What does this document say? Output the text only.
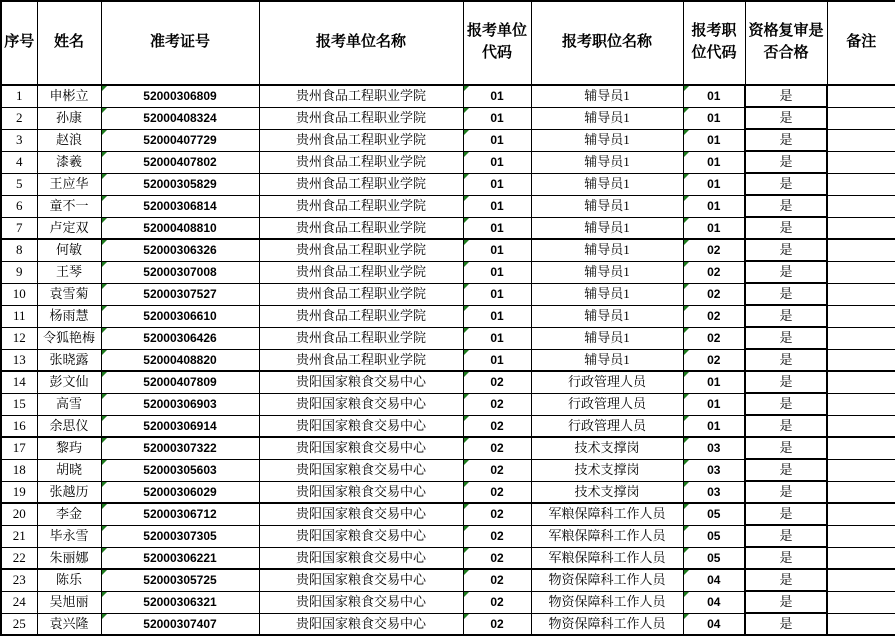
序号	姓名	准考证号	报考单位名称	报考单位代码	报考职位名称	报考职位代码	资格复审是否合格	备注
1	申彬立	52000306809	贵州食品工程职业学院	01	辅导员1	01	是	
2	孙康	52000408324	贵州食品工程职业学院	01	辅导员1	01	是	
3	赵浪	52000407729	贵州食品工程职业学院	01	辅导员1	01	是	
4	漆羲	52000407802	贵州食品工程职业学院	01	辅导员1	01	是	
5	王应华	52000305829	贵州食品工程职业学院	01	辅导员1	01	是	
6	童不一	52000306814	贵州食品工程职业学院	01	辅导员1	01	是	
7	卢定双	52000408810	贵州食品工程职业学院	01	辅导员1	01	是	
8	何敏	52000306326	贵州食品工程职业学院	01	辅导员1	02	是	
9	王琴	52000307008	贵州食品工程职业学院	01	辅导员1	02	是	
10	袁雪菊	52000307527	贵州食品工程职业学院	01	辅导员1	02	是	
11	杨雨慧	52000306610	贵州食品工程职业学院	01	辅导员1	02	是	
12	令狐艳梅	52000306426	贵州食品工程职业学院	01	辅导员1	02	是	
13	张晓露	52000408820	贵州食品工程职业学院	01	辅导员1	02	是	
14	彭文仙	52000407809	贵阳国家粮食交易中心	02	行政管理人员	01	是	
15	高雪	52000306903	贵阳国家粮食交易中心	02	行政管理人员	01	是	
16	余思仪	52000306914	贵阳国家粮食交易中心	02	行政管理人员	01	是	
17	黎玙	52000307322	贵阳国家粮食交易中心	02	技术支撑岗	03	是	
18	胡晓	52000305603	贵阳国家粮食交易中心	02	技术支撑岗	03	是	
19	张越历	52000306029	贵阳国家粮食交易中心	02	技术支撑岗	03	是	
20	李金	52000306712	贵阳国家粮食交易中心	02	军粮保障科工作人员	05	是	
21	毕永雪	52000307305	贵阳国家粮食交易中心	02	军粮保障科工作人员	05	是	
22	朱丽娜	52000306221	贵阳国家粮食交易中心	02	军粮保障科工作人员	05	是	
23	陈乐	52000305725	贵阳国家粮食交易中心	02	物资保障科工作人员	04	是	
24	吴旭丽	52000306321	贵阳国家粮食交易中心	02	物资保障科工作人员	04	是	
25	袁兴隆	52000307407	贵阳国家粮食交易中心	02	物资保障科工作人员	04	是	
